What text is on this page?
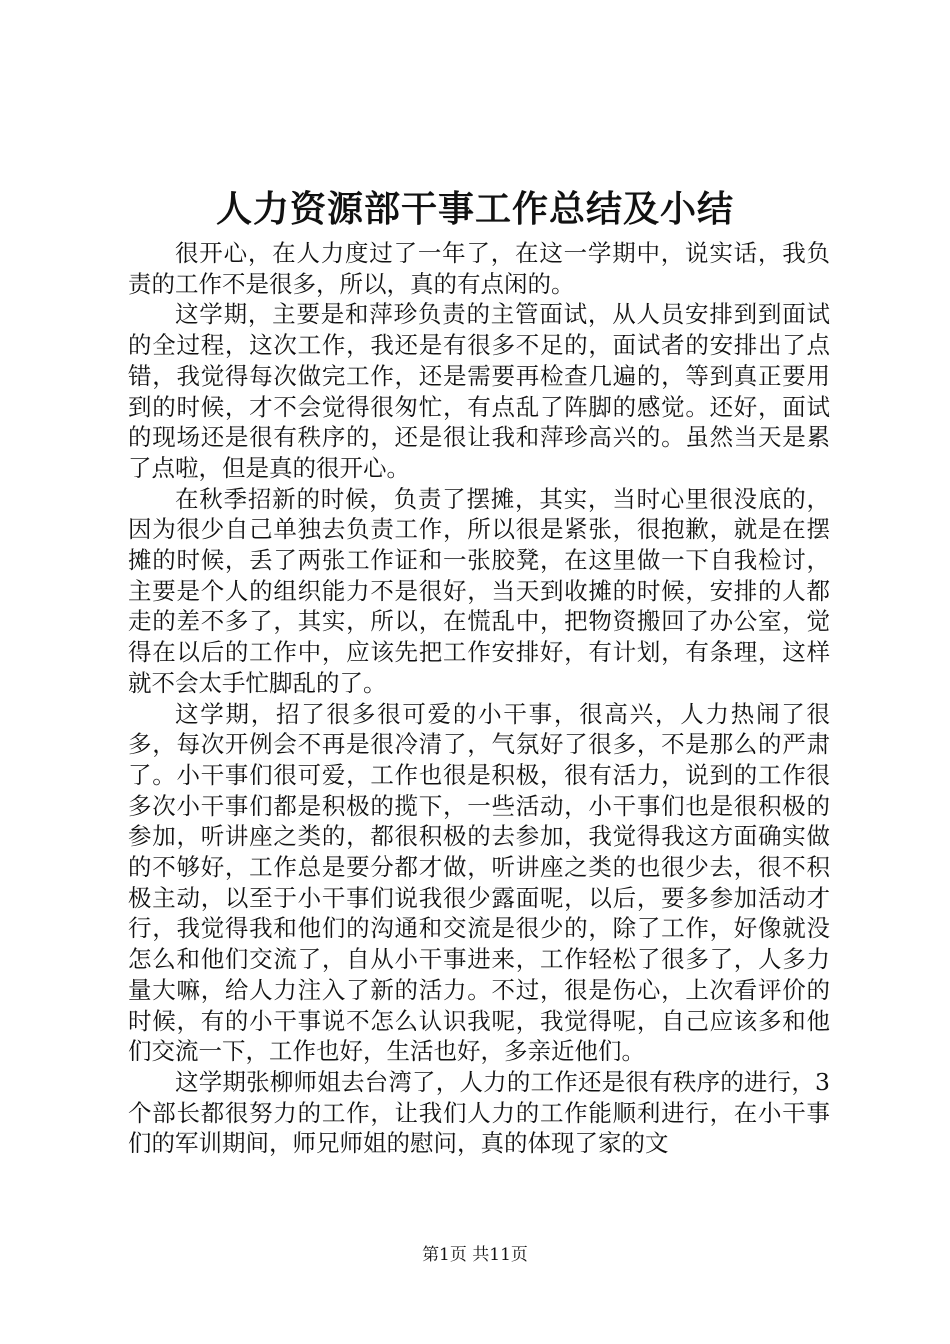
人力资源部干事工作总结及小结

很开心，在人力度过了一年了，在这一学期中，说实话，我负责的工作不是很多，所以，真的有点闲的。

这学期，主要是和萍珍负责的主管面试，从人员安排到到面试的全过程，这次工作，我还是有很多不足的，面试者的安排出了点错，我觉得每次做完工作，还是需要再检查几遍的，等到真正要用到的时候，才不会觉得很匆忙，有点乱了阵脚的感觉。还好，面试的现场还是很有秩序的，还是很让我和萍珍高兴的。虽然当天是累了点啦，但是真的很开心。

在秋季招新的时候，负责了摆摊，其实，当时心里很没底的，因为很少自己单独去负责工作，所以很是紧张，很抱歉，就是在摆摊的时候，丢了两张工作证和一张胶凳，在这里做一下自我检讨，主要是个人的组织能力不是很好，当天到收摊的时候，安排的人都走的差不多了，其实，所以，在慌乱中，把物资搬回了办公室，觉得在以后的工作中，应该先把工作安排好，有计划，有条理，这样就不会太手忙脚乱的了。

这学期，招了很多很可爱的小干事，很高兴，人力热闹了很多，每次开例会不再是很冷清了，气氛好了很多，不是那么的严肃了。小干事们很可爱，工作也很是积极，很有活力，说到的工作很多次小干事们都是积极的揽下，一些活动，小干事们也是很积极的参加，听讲座之类的，都很积极的去参加，我觉得我这方面确实做的不够好，工作总是要分都才做，听讲座之类的也很少去，很不积极主动，以至于小干事们说我很少露面呢，以后，要多参加活动才行，我觉得我和他们的沟通和交流是很少的，除了工作，好像就没怎么和他们交流了，自从小干事进来，工作轻松了很多了，人多力量大嘛，给人力注入了新的活力。不过，很是伤心，上次看评价的时候，有的小干事说不怎么认识我呢，我觉得呢，自己应该多和他们交流一下，工作也好，生活也好，多亲近他们。

这学期张柳师姐去台湾了，人力的工作还是很有秩序的进行，3个部长都很努力的工作，让我们人力的工作能顺利进行，在小干事们的军训期间，师兄师姐的慰问，真的体现了家的文

第1页 共11页
